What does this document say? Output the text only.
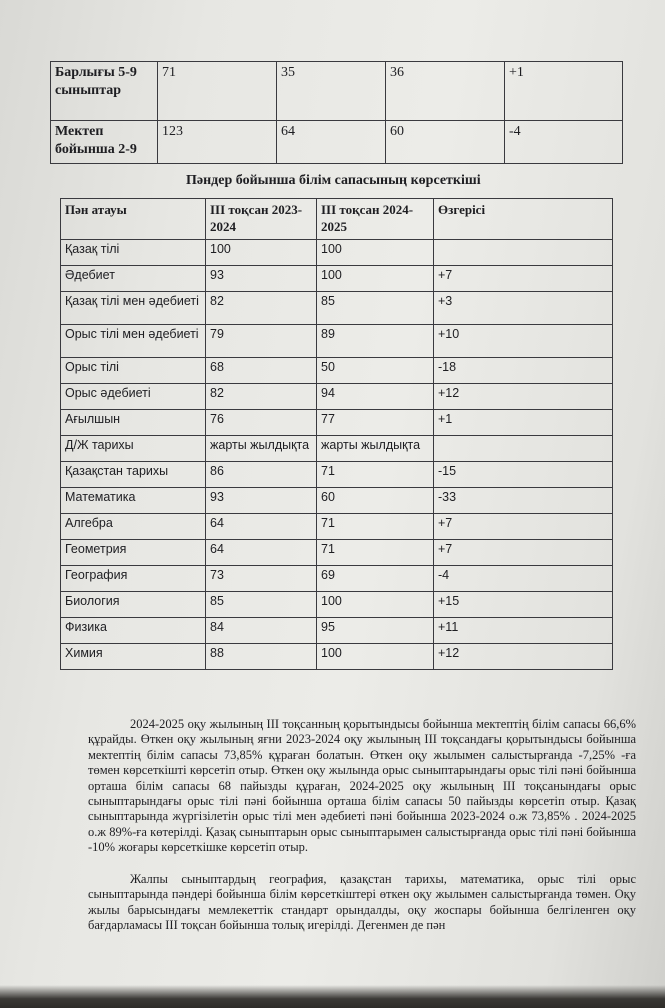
Барлығы 5-9 сыныптар	71	35	36	+1
Мектеп бойынша 2-9	123	64	60	-4
Пәндер бойынша білім сапасының көрсеткіші
Пән атауы	III тоқсан 2023-2024	III тоқсан 2024-2025	Өзгерісі
Қазақ тілі	100	100	
Әдебиет	93	100	+7
Қазақ тілі мен әдебиеті	82	85	+3
Орыс тілі мен әдебиеті	79	89	+10
Орыс тілі	68	50	-18
Орыс әдебиеті	82	94	+12
Ағылшын	76	77	+1
Д/Ж тарихы	жарты жылдықта	жарты жылдықта	
Қазақстан тарихы	86	71	-15
Математика	93	60	-33
Алгебра	64	71	+7
Геометрия	64	71	+7
География	73	69	-4
Биология	85	100	+15
Физика	84	95	+11
Химия	88	100	+12
2024-2025 оқу жылының III тоқсанның қорытындысы бойынша мектептің білім сапасы 66,6% құрайды. Өткен оқу жылының яғни 2023-2024 оқу жылының III тоқсандағы қорытындысы бойынша мектептің білім сапасы 73,85% құраған болатын. Өткен оқу жылымен салыстырғанда -7,25% -ға төмен көрсеткішті көрсетіп отыр. Өткен оқу жылында орыс сыныптарындағы орыс тілі пәні бойынша орташа білім сапасы 68 пайызды құраған, 2024-2025 оқу жылының III тоқсанындағы орыс сыныптарындағы орыс тілі пәні бойынша орташа білім сапасы 50 пайызды көрсетіп отыр. Қазақ сыныптарында жүргізілетін орыс тілі мен әдебиеті пәні бойынша 2023-2024 о.ж 73,85% . 2024-2025 о.ж 89%-ға көтерілді. Қазақ сыныптарын орыс сыныптарымен салыстырғанда орыс тілі пәні бойынша -10% жоғары көрсеткішке көрсетіп отыр.
Жалпы сыныптардың география, қазақстан тарихы, математика, орыс тілі орыс сыныптарында пәндері бойынша білім көрсеткіштері өткен оқу жылымен салыстырғанда төмен. Оқу жылы барысындағы мемлекеттік стандарт орындалды, оқу жоспары бойынша белгіленген оқу бағдарламасы III тоқсан бойынша толық игерілді. Дегенмен де пән
